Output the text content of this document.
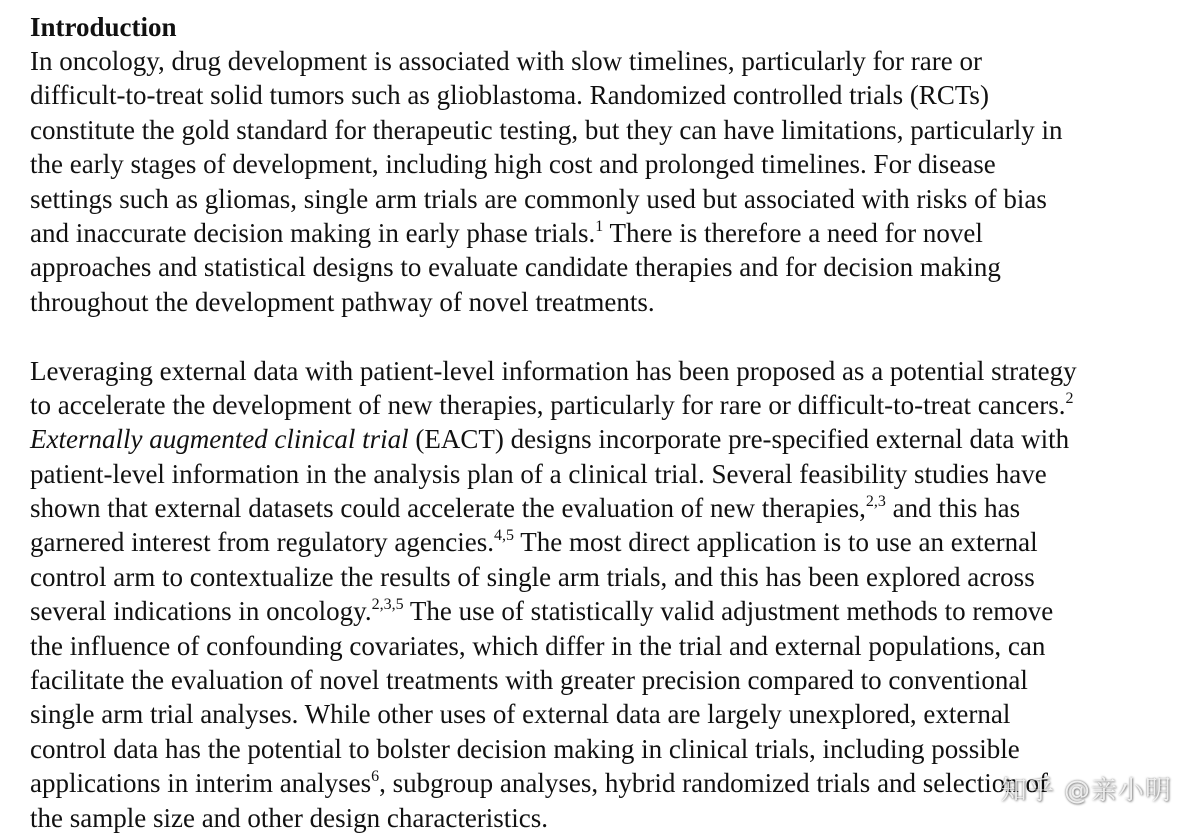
Introduction
In oncology, drug development is associated with slow timelines, particularly for rare or
difficult-to-treat solid tumors such as glioblastoma. Randomized controlled trials (RCTs)
constitute the gold standard for therapeutic testing, but they can have limitations, particularly in
the early stages of development, including high cost and prolonged timelines. For disease
settings such as gliomas, single arm trials are commonly used but associated with risks of bias
and inaccurate decision making in early phase trials.$^1$ There is therefore a need for novel
approaches and statistical designs to evaluate candidate therapies and for decision making
throughout the development pathway of novel treatments.
Leveraging external data with patient-level information has been proposed as a potential strategy
to accelerate the development of new therapies, particularly for rare or difficult-to-treat cancers.$^2$
Externally augmented clinical trial (EACT) designs incorporate pre-specified external data with
patient-level information in the analysis plan of a clinical trial. Several feasibility studies have
shown that external datasets could accelerate the evaluation of new therapies,$^{2,3}$ and this has
garnered interest from regulatory agencies.$^{4,5}$ The most direct application is to use an external
control arm to contextualize the results of single arm trials, and this has been explored across
several indications in oncology.$^{2,3,5}$ The use of statistically valid adjustment methods to remove
the influence of confounding covariates, which differ in the trial and external populations, can
facilitate the evaluation of novel treatments with greater precision compared to conventional
single arm trial analyses. While other uses of external data are largely unexplored, external
control data has the potential to bolster decision making in clinical trials, including possible
applications in interim analyses$^6$, subgroup analyses, hybrid randomized trials and selection of
the sample size and other design characteristics.
知乎 @亲小明
